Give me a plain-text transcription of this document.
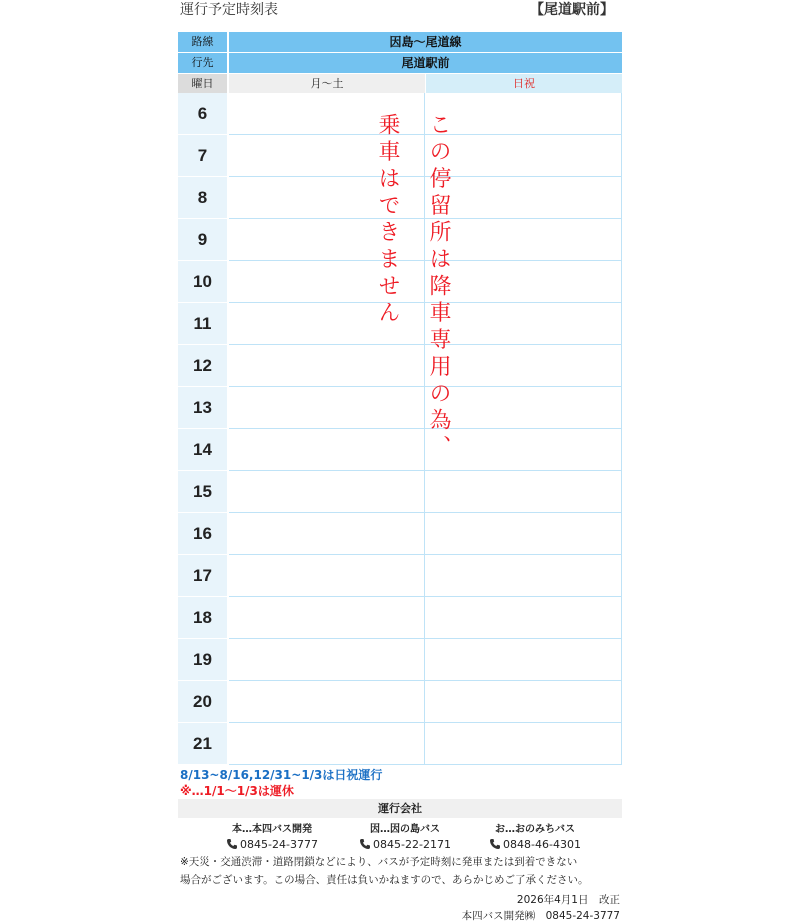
運行予定時刻表	【尾道駅前】
路線	因島〜尾道線
行先	尾道駅前
曜日	月〜土	日祝
6
7
8
9
10
11
12
13
14
15
16
17
18
19
20
21
この停留所は降車専用の為、
乗車はできません
8/13~8/16,12/31~1/3は日祝運行
※…1/1〜1/3は運休
運行会社
本…本四バス開発
0845-24-3777
因…因の島バス
0845-22-2171
お…おのみちバス
0848-46-4301
※天災・交通渋滞・道路閉鎖などにより、バスが予定時刻に発車または到着できない
場合がございます。この場合、責任は負いかねますので、あらかじめご了承ください。
2026年4月1日　改正
本四バス開発㈱　 0845-24-3777
